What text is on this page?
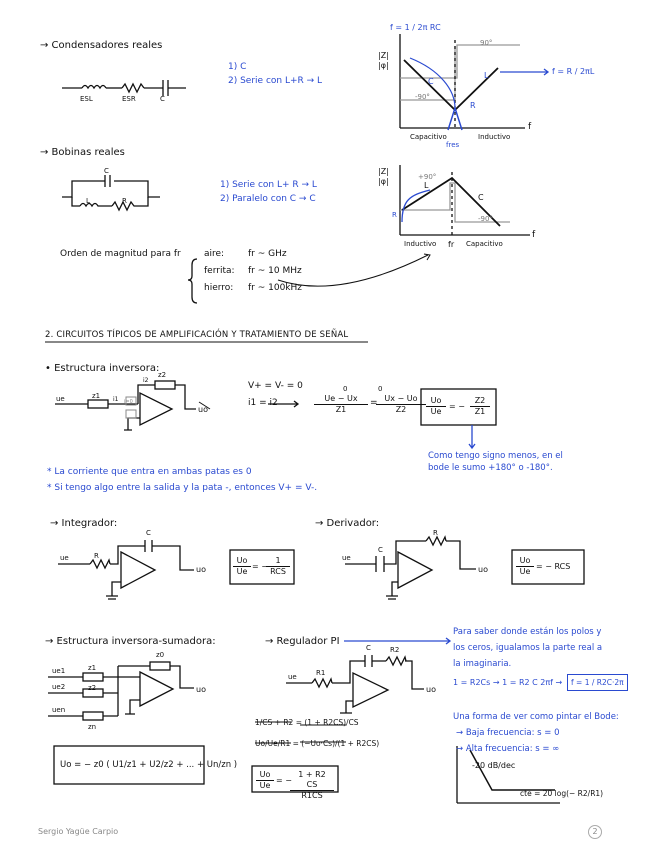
→ Condensadores reales
ESL	ESR	C
1) C
2) Serie con L+R → L
|Z|
|φ|
f = 1 / 2π RC
f = R / 2πL
90°
-90°
C
L
R
Capacitivo	Inductivo
f
fres
→ Bobinas reales
C
L	R
1) Serie con L+ R → L
2) Paralelo con C → C
|Z|
|φ|	+90°
-90°
L
C
R
Inductivo fr Capacitivo
f
Orden de magnitud para fr	aire:	fr ~ GHz
ferrita: fr ~ 10 MHz
hierro: fr ~ 100kHz
2. CIRCUITOS TÍPICOS DE AMPLIFICACIÓN Y TRATAMIENTO DE SEÑAL
• Estructura inversora:
ue	z1
z2
i1
i2
i=0
uo
V+ = V- = 0
i1 = i2
0	0
$\frac{Ue - Ux}{Z1}$ =
$\frac{Ux - Uo}{Z2} \frac{Uo}{Ue}$ = − $\frac{Z2}{Z1}$
Como tengo signo menos, en el bode le sumo +180° o -180°.
* La corriente que entra en ambas patas es 0
* Si tengo algo entre la salida y la pata -, entonces V+ = V-.
→ Integrador:
C
R
ue
uo	$\frac{Uo}{Ue}$ = −
1
RCS
→ Derivador:
C
R
ue
uo	$\frac{Uo}{Ue}$ = − RCS
→ Estructura inversora-sumadora:
ue1
ue2
uen
z1
z2
zn
z0
uo
Uo = − z0 ( U1/z1 + U2/z2 + ... + Un/zn )
→ Regulador PI
C	R2
R1
ue
uo
1/CS + R2 = (1 + R2CS)/CS
Uo/Ue/R1 = (−Uo·Cs)/(1 + R2CS)
$\frac{Uo}{Ue}$ = −
$\frac{1 + R2 CS}{R1CS}$
Para saber donde están los polos y
los ceros, igualamos la parte real a
la imaginaria.
1 = R2Cs → 1 = R2 C 2πf →	f = 1 / R2C·2π
Una forma de ver como pintar el Bode:
→ Baja frecuencia: s = 0
→ Alta frecuencia: s = ∞
-20 dB/dec
cte = 20 log(− R2/R1)
Sergio Yagüe Carpio	2
